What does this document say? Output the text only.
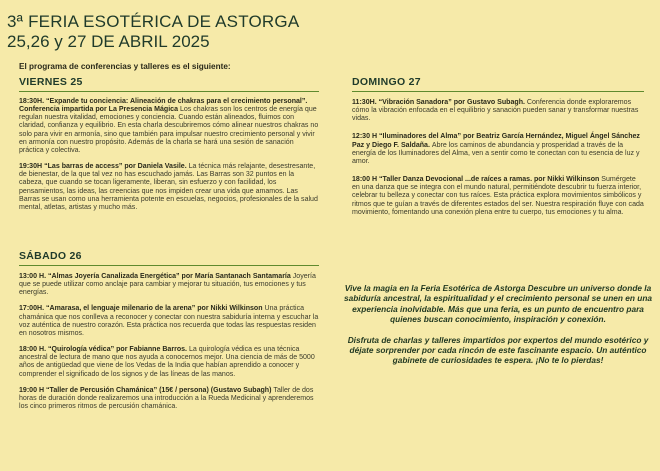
3ª FERIA ESOTÉRICA DE ASTORGA
25,26 y 27 DE ABRIL 2025
El programa de conferencias y talleres es el siguiente:
VIERNES 25
18:30H. “Expande tu conciencia: Alineación de chakras para el crecimiento personal”. Conferencia impartida por La Presencia Mágica Los chakras son los centros de energía que regulan nuestra vitalidad, emociones y conciencia. Cuando están alineados, fluimos con claridad, confianza y equilibrio. En esta charla descubriremos cómo alinear nuestros chakras no solo para vivir en armonía, sino que también para impulsar nuestro crecimiento personal y vivir en armonía con nuestro propósito. Además de la charla se hará una sesión de sanación práctica y colectiva.
19:30H “Las barras de access” por Daniela Vasile. La técnica más relajante, desestresante, de bienestar, de la que tal vez no has escuchado jamás. Las Barras son 32 puntos en la cabeza, que cuando se tocan ligeramente, liberan, sin esfuerzo y con facilidad, los pensamientos, las ideas, las creencias que nos impiden crear una vida que amamos. Las Barras se usan como una herramienta potente en escuelas, negocios, profesionales de la salud mental, atletas, artistas y mucho más.
SÁBADO 26
13:00 H. “Almas Joyería Canalizada Energética” por María Santanach Santamaría Joyería que se puede utilizar como anclaje para cambiar y mejorar tu situación, tus emociones y tus energías.
17:00H. “Amarasa, el lenguaje milenario de la arena” por Nikki Wilkinson Una práctica chamánica que nos conlleva a reconocer y conectar con nuestra sabiduría interna y escuchar la voz auténtica de nuestro corazón. Esta práctica nos recuerda que todas las respuestas residen en nosotros mismos.
18:00 H. “Quirología védica” por Fabianne Barros. La quirología védica es una técnica ancestral de lectura de mano que nos ayuda a conocernos mejor. Una ciencia de más de 5000 años de antigüedad que viene de los Vedas de la India que habían aprendido a conocer y comprender el significado de los signos y de las líneas de las manos.
19:00 H “Taller de Percusión Chamánica” (15€ / persona) (Gustavo Subagh) Taller de dos horas de duración donde realizaremos una introducción a la Rueda Medicinal y aprenderemos los cinco primeros ritmos de percusión chamánica.
DOMINGO 27
11:30H. “Vibración Sanadora” por Gustavo Subagh. Conferencia donde exploraremos cómo la vibración enfocada en el equilibrio y sanación pueden sanar y transformar nuestras vidas.
12:30 H “Iluminadores del Alma” por Beatriz García Hernández, Miguel Ángel Sánchez Paz y Diego F. Saldaña. Abre los caminos de abundancia y prosperidad a través de la energía de los Iluminadores del Alma, ven a sentir como te conectan con tu esencia de luz y amor.
18:00 H “Taller Danza Devocional ...de raíces a ramas. por Nikki Wilkinson Sumérgete en una danza que se integra con el mundo natural, permitiéndote descubrir tu fuerza interior, celebrar tu belleza y conectar con tus raíces. Esta práctica explora movimientos simbólicos y ritmos que te guían a través de diferentes estados del ser. Nuestra respiración fluye con cada movimiento, fomentando una conexión plena entre tu cuerpo, tus emociones y tu alma.

Vive la magia en la Feria Esotérica de Astorga Descubre un universo donde la sabiduría ancestral, la espiritualidad y el crecimiento personal se unen en una experiencia inolvidable. Más que una feria, es un punto de encuentro para quienes buscan conocimiento, inspiración y conexión.

Disfruta de charlas y talleres impartidos por expertos del mundo esotérico y déjate sorprender por cada rincón de este fascinante espacio. Un auténtico gabinete de curiosidades te espera. ¡No te lo pierdas!
